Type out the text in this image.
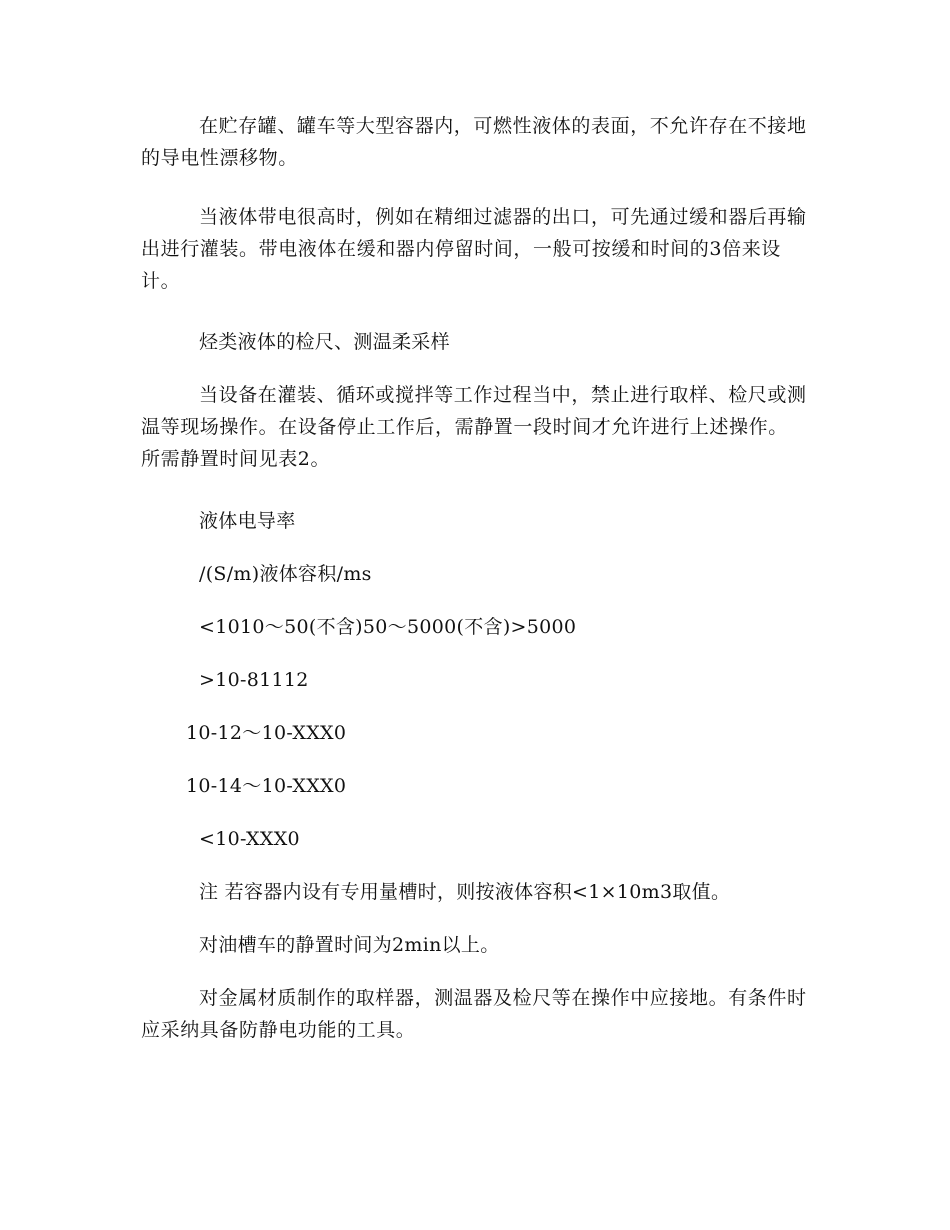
在贮存罐、罐车等大型容器内，可燃性液体的表面，不允许存在不接地的导电性漂移物。

当液体带电很高时，例如在精细过滤器的出口，可先通过缓和器后再输出进行灌装。带电液体在缓和器内停留时间，一般可按缓和时间的3倍来设计。

烃类液体的检尺、测温柔采样

当设备在灌装、循环或搅拌等工作过程当中，禁止进行取样、检尺或测温等现场操作。在设备停止工作后，需静置一段时间才允许进行上述操作。所需静置时间见表2。

液体电导率

/(S/m)液体容积/ms

<1010～50(不含)50～5000(不含)>5000

>10-81112

10-12～10-XXX0

10-14～10-XXX0

<10-XXX0

注 若容器内设有专用量槽时，则按液体容积<1×10m3取值。

对油槽车的静置时间为2min以上。

对金属材质制作的取样器，测温器及检尺等在操作中应接地。有条件时应采纳具备防静电功能的工具。
